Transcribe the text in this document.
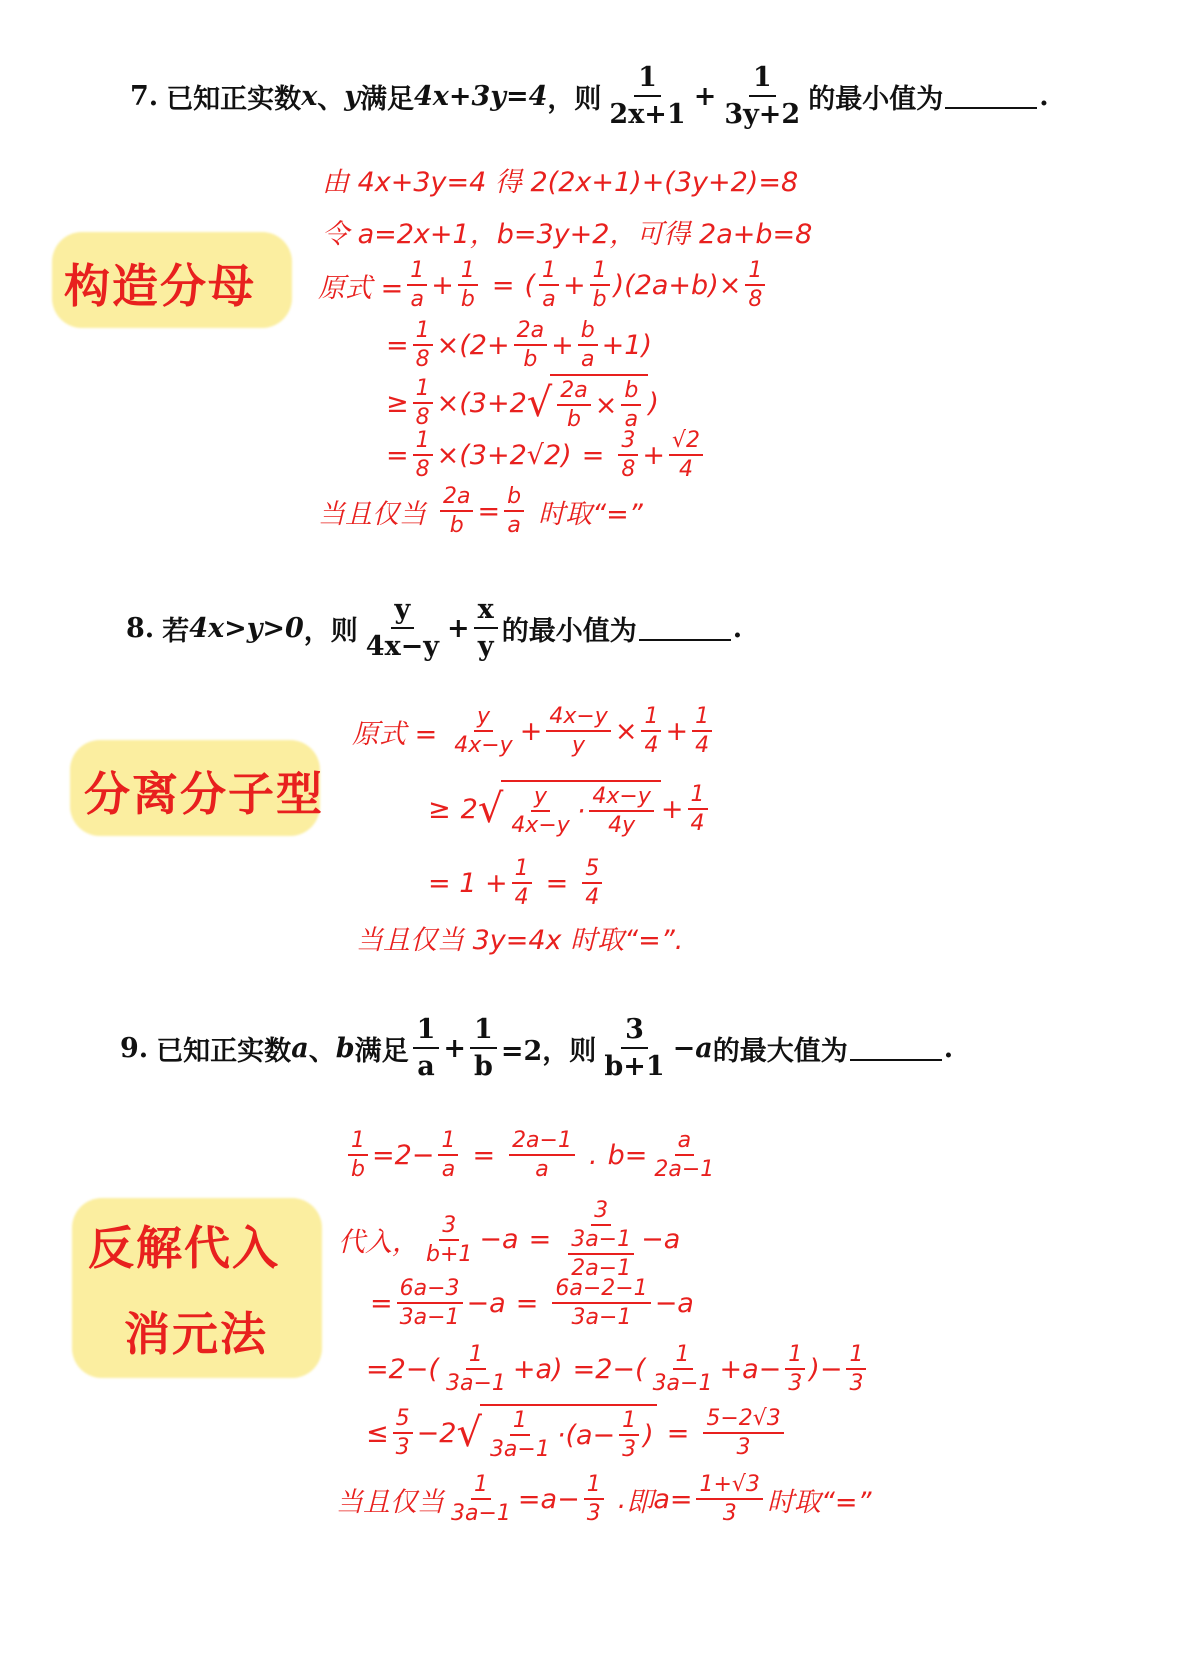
7. 已知正实数 x 、 y 满足 4x+3y=4 ，则 $\frac{1}{2x+1} + \frac{1}{3y+2}$ 的最小值为	.
构造分母
由 4x+3y=4 得 2(2x+1)+(3y+2)=8
令 a=2x+1，b=3y+2，可得 2a+b=8
原式 = $\frac{1}{a} + \frac{1}{b}$ = ( $\frac{1}{a} + \frac{1}{b} )(2a+b)\times \frac{1}{8}$
= $\frac{1}{8} \times(2+ \frac{2a}{b} + \frac{b}{a} +1)$
≥ $\frac{1}{8} \times(3+2$ √ $\frac{2a}{b} \times \frac{b}{a}$ )
= $\frac{1}{8} \times(3+2√2) = \frac{3}{8} + \frac{√2}{4}$
当且仅当 $\frac{2a}{b} = \frac{b}{a}$ 时取“=”
8. 若 4x>y>0 ，则 $\frac{y}{4x-y} + \frac{x}{y}$ 的最小值为	.
分离分子型
原式 = $\frac{y}{4x-y} + \frac{4x-y}{y} \times \frac{1}{4} + \frac{1}{4}$
≥ 2 √ $\frac{y}{4x-y} \cdot \frac{4x-y}{4y} + \frac{1}{4}$
= $1 + \frac{1}{4} = \frac{5}{4}$
当且仅当 3y=4x 时取“=”.
9. 已知正实数 a 、 b 满足 $\frac{1}{a} + \frac{1}{b} =2$，则 $\frac{3}{b+1} -a$ 的最大值为	.
反解代入
消元法
$\frac{1}{b} =2- \frac{1}{a} = \frac{2a-1}{a}$ . $b= \frac{a}{2a-1}$
代入， $\frac{3}{b+1} -a = \frac{3}{\frac{3a-1}{2a-1}} -a$
= $\frac{6a-3}{3a-1} -a = \frac{6a-2-1}{3a-1} -a$
$=2-( \frac{1}{3a-1} +a) =2-( \frac{1}{3a-1} +a- \frac{1}{3}$ )− $\frac{1}{3}$
≤ $\frac{5}{3} -2$ √ $\frac{1}{3a-1} \cdot(a- \frac{1}{3}$ ) = $\frac{5-2√3}{3}$
当且仅当 $\frac{1}{3a-1} =a- \frac{1}{3}$ . 即 $a= \frac{1+√3}{3}$ 时取“=”
